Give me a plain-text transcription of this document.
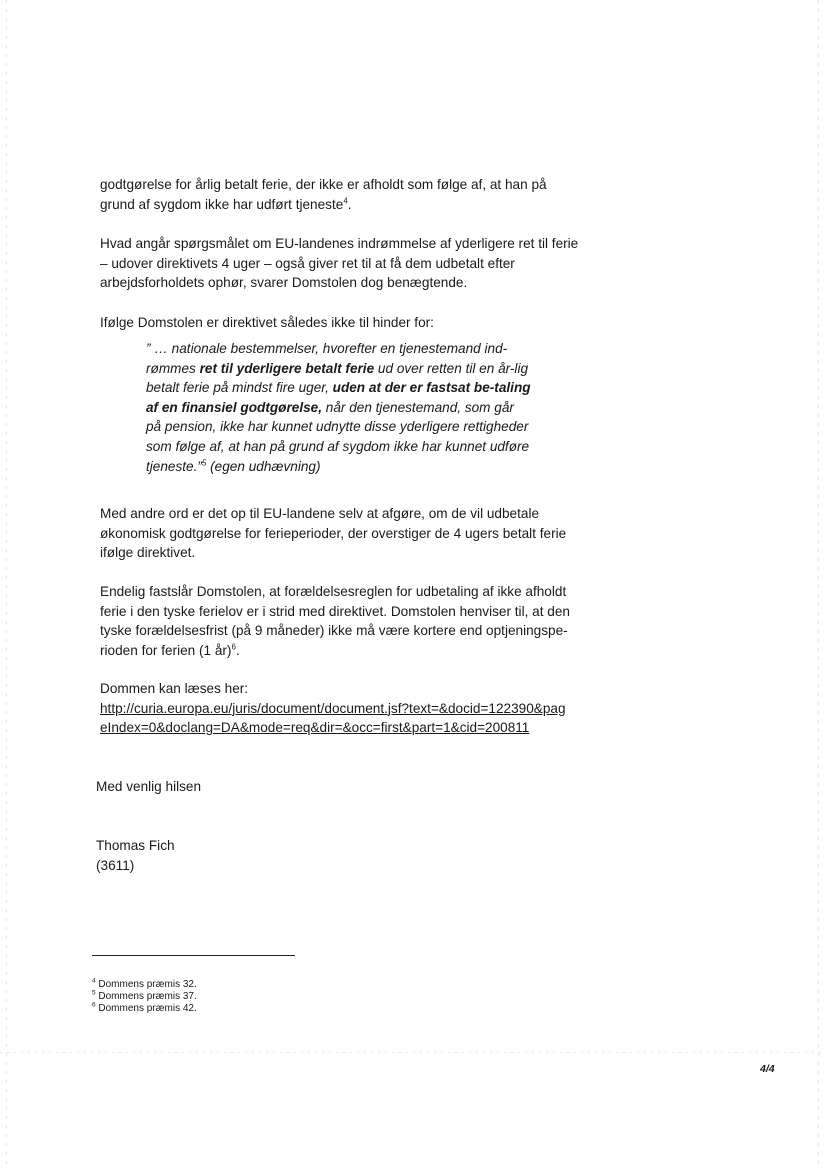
godtgørelse for årlig betalt ferie, der ikke er afholdt som følge af, at han på grund af sygdom ikke har udført tjeneste$^4$.

Hvad angår spørgsmålet om EU-landenes indrømmelse af yderligere ret til ferie – udover direktivets 4 uger – også giver ret til at få dem udbetalt efter arbejdsforholdets ophør, svarer Domstolen dog benægtende.

Ifølge Domstolen er direktivet således ikke til hinder for:

” … nationale bestemmelser, hvorefter en tjenestemand ind-rømmes ret til yderligere betalt ferie ud over retten til en år-lig betalt ferie på mindst fire uger, uden at der er fastsat be-taling af en finansiel godtgørelse, når den tjenestemand, som går på pension, ikke har kunnet udnytte disse yderligere rettigheder som følge af, at han på grund af sygdom ikke har kunnet udføre tjeneste.”$^5$ (egen udhævning)

Med andre ord er det op til EU-landene selv at afgøre, om de vil udbetale økonomisk godtgørelse for ferieperioder, der overstiger de 4 ugers betalt ferie ifølge direktivet.

Endelig fastslår Domstolen, at forældelsesreglen for udbetaling af ikke afholdt ferie i den tyske ferielov er i strid med direktivet. Domstolen henviser til, at den tyske forældelsesfrist (på 9 måneder) ikke må være kortere end optjeningspe-rioden for ferien (1 år)$^6$.

Dommen kan læses her:

http://curia.europa.eu/juris/document/document.jsf?text=&docid=122390&pag
eIndex=0&doclang=DA&mode=req&dir=&occ=first&part=1&cid=200811

Med venlig hilsen

Thomas Fich

(3611)

$^4$ Dommens præmis 32.
$^5$ Dommens præmis 37.
$^6$ Dommens præmis 42.
4/4
